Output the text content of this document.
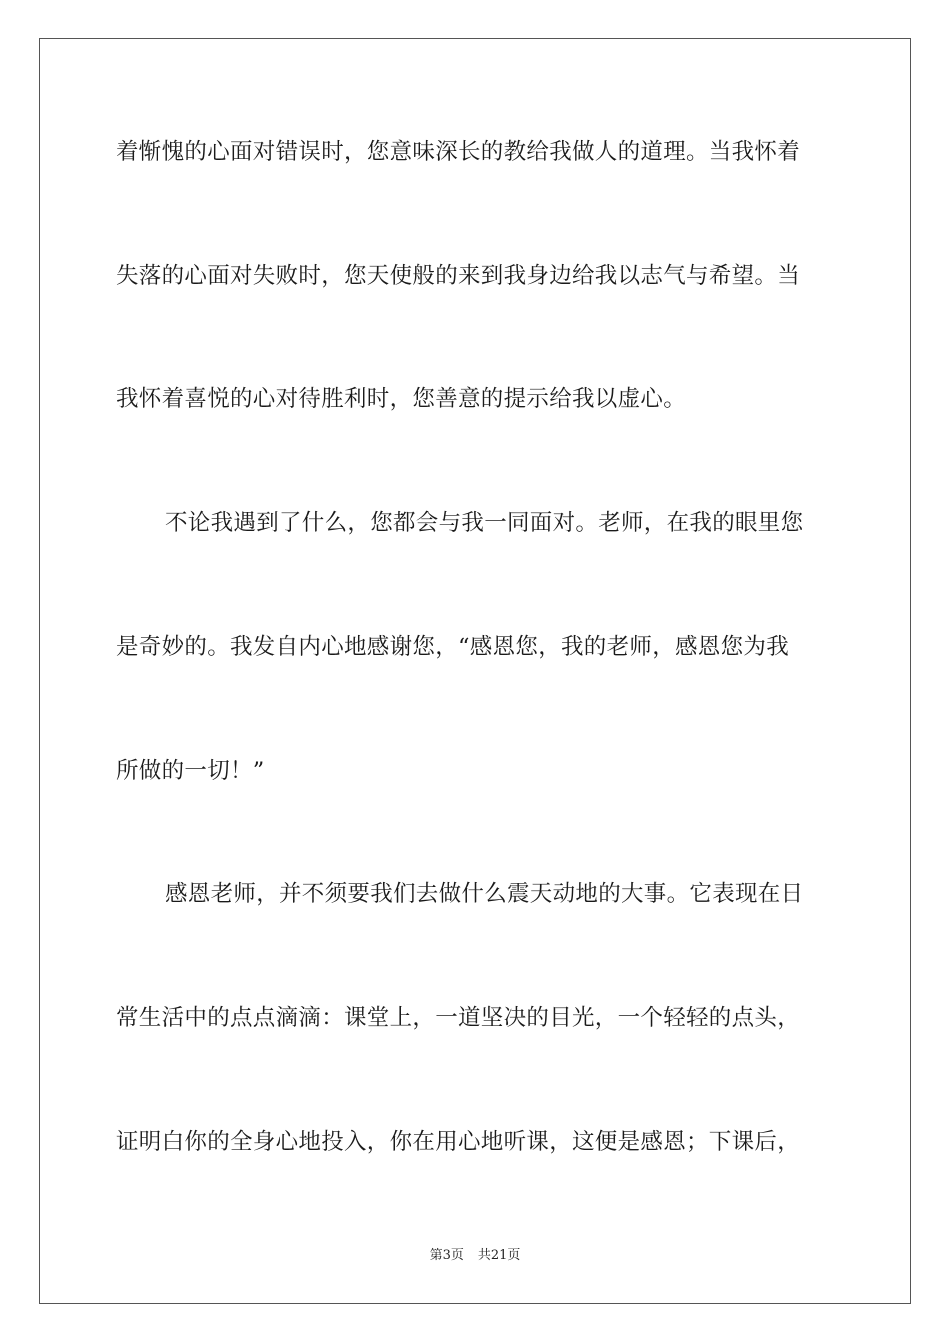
着惭愧的心面对错误时，您意味深长的教给我做人的道理。当我怀着
失落的心面对失败时，您天使般的来到我身边给我以志气与希望。当
我怀着喜悦的心对待胜利时，您善意的提示给我以虚心。
不论我遇到了什么，您都会与我一同面对。老师，在我的眼里您
是奇妙的。我发自内心地感谢您，“感恩您，我的老师，感恩您为我
所做的一切！”
感恩老师，并不须要我们去做什么震天动地的大事。它表现在日
常生活中的点点滴滴：课堂上，一道坚决的目光，一个轻轻的点头，
证明白你的全身心地投入，你在用心地听课，这便是感恩；下课后，
第3页 共21页
